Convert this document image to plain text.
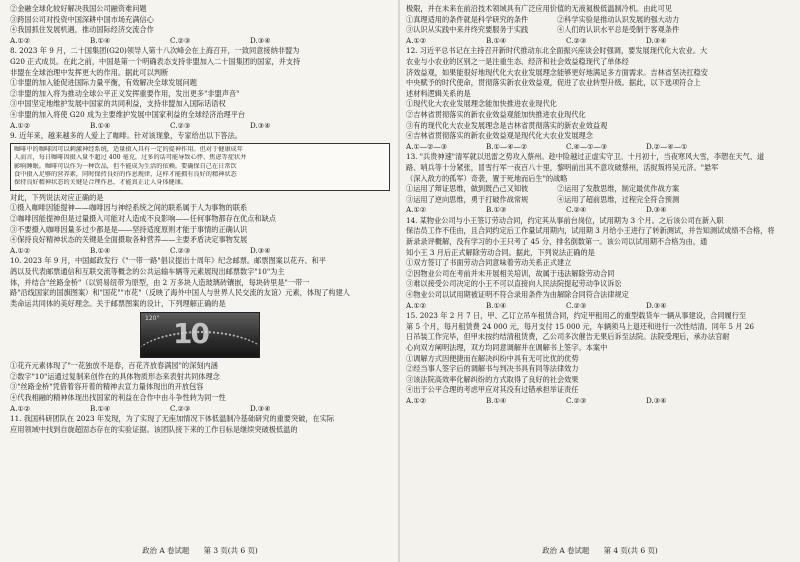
②金融全球化较好解决我国公司融资难问题
③跨国公司对投资中国深耕中国市场充满信心
④我国抓住发展机遇，推动国际经济交流合作
A.①②	B.①④	C.②③	D.③④
8. 2023 年 9 月，二十国集团(G20)领导人第十八次峰会在上海召开，一致同意接纳非盟为
G20 正式成员。在此之前，中国是第一个明确表态支持非盟加入二十国集团的国家，并支持
非盟在全球治理中发挥更大的作用。据此可以判断
①非盟的加入能促进国际力量平衡，有效解决全球发展问题
②非盟的加入将为推动全球公平正义发挥重要作用，发出更多"非盟声音"
③中国坚定地维护发展中国家的共同利益，支持非盟加入国际话语权
④非盟的加入将使 G20 成为主要维护发展中国家利益的全球经济治理平台
A.①②	B.①④	C.②③	D.③④
9. 近年来，越来越多的人爱上了咖啡。针对该现象，专家给出以下答法。
咖啡中的咖啡因可以刺激神经系统，适量摄入具有一定的提神作用。但对于健康成年
人而言，每日咖啡因摄入量不超过 400 毫克，过多的话可能导致心悸、焦虑等症状并
影响睡眠。咖啡可以作为一种饮品，但不能成为生活的依赖。要确保自己在日常饮
食中摄入足够的营养素，同时保持良好的作息规律，这样才能拥有良好的精神状态
保持良好精神状态的关键是合理作息，才能真正让人身体健康。
对此，下列说法对应正确的是
①摄入咖啡因能提神——咖啡因与神经系统之间的联系属于人为事物的联系
②咖啡因能提神但是过量摄入可能对人造成不良影响——任何事物都存在优点和缺点
③不要摄入咖啡因量多过少都是是——坚持适度原则才能于事情的正确认识
④保持良好精神状态的关键是全面摄取各种营养——主要矛盾决定事物发展
A.①②	B.①④	C.②③	D.③④
10. 2023 年 9 月，中国邮政发行《"一带一路"倡议提出十周年》纪念邮票。邮票图案以花卉、和平
鸽以及代表邮票通信和互联交流等概念的公共运输车辆等元素展现出邮票数字"10"为主
体，并结合"丝路金桥"（以贸易纽带为原型，由 2 万多块人造玻璃砖镶嵌，每块砖里是"一带一
路"沿线国家的国旗图案）和"国花""市花"（反映了海外中国人与世界人民交流的友谊）元素，体现了构建人
类命运共同体的美好理念。关于邮票图案的设计，下列理解正确的是
120° 10
①花卉元素体现了"一花独放不是春，百花齐放春满园"的深刻内涵
②数字"10"运通过复制来创作在的具体物质形态来表射共同体理念
③"丝路金桥"凭借着容开着的精神去宣力量体现出的开放包容
④代我相融的精神体现出找国家的利益在合作中由斗争性转为同一性
A.①②	B.①④	C.②③	D.③④
11. 我国科研团队在 2023 年发现，为了实现了无座加情况下体低温制冷基础研究的重要突破，在实际
应用领域中找到自旋超固态存在的实验证据。该团队接下来的工作目标是继续突破极低温的
政治 A 卷试题 第 3 页(共 6 页)
极限，并在未来在前沿技术领域具有广泛应用价值的无液氦极低温制冷机。由此可见
①真理适用的条件就是科学研究的条件　　　　②科学实验是推动认识发展的强大动力
③认识从实践中来并终究要服务于实践　　　　④人们的认识水平总是受制于客观条件
A.①②	B.①④	C.②③	D.③④
12. 习近平总书记在主持召开新时代推动东北全面振兴座谈会时强调，要发展现代化大农业。大
农业与小农业的区别之一是注重生态、经济和社会效益稳现代了单体经
济效益观，如果能很好地现代化大农业发展理念能够更好地满足多方面需求。吉林省坚决扛稳安
中央赋予的时代使命，贯彻落实新农业效益观，促进了农业转型升级。据此，以下选项符合上
述材料逻辑关系的是
①现代化大农业发展理念能加快推进农业现代化
②吉林省贯彻落实的新农业效益观能加快推进农业现代化
③有的现代化大农业发展理念是吉林省贯彻落实的新农业效益观
④吉林省贯彻落实的新农业效益观是现代化大农业发展理念
A.①—②—③	B.①—④—②	C.④—①—③	D.②—④—①
13. "兵贵神速"清军就以迅雷之势攻入蔡州。趁中险越过正虚实守卫。十月初十，当夜寒风大雪，李愬在天气、道
路、哨兵等十分紧张，冒雪行军一夜百八十里，黎明前出其不意攻破蔡州，活捉叛将吴元济。"悬军
（深入敌方的孤军）奇袭，置于死地而后生"的战略
①运用了辩证思维，做到既凸己又知彼　　　　②运用了发散思维，制定最优作战方案
③运用了逆向思维，勇于打破作战常规　　　　④运用了超前思维，过程完全符合预测
A.①②	B.①③	C.②④	D.③④
14. 某物业公司与小王签订劳动合同，约定其从事前台岗位，试用期为 3 个月。之后该公司在新入职
保洁员工作不佳由，且合同约定后工作量试用期内，试用期 3 月给小王进行了转新测试，并告知测试成绩不合格，将
新录录评概解，没有学习的小王只考了 45 分，排名倒数第一。该公司以试用期不合格为由，通
知小王 3 月后正式解除劳动合同。据此，下列说法正确的是
①双方签订了书面劳动合同意味着劳动关系正式建立
②因物业公司在考前并未开展相关培训，故属于违法解除劳动合同
③难以接受公司决定的小王不可以直接向人民法院提起劳动争议诉讼
④物业公司以试用期被证明不符合录用条件为由解除合同符合法律规定
A.①②	B.①④	C.②③	D.③④
15. 2023 年 2 月 7 日，甲、乙订立吊车租赁合同，约定甲租用乙的重型载货车一辆从事建设，合同履行至
第 5 个月，每月租赁费 24 000 元，每月支付 15 000 元，车辆须马上退还和进行一次性结清。同年 5 月 26
日吊装工作完毕，但甲未按约结清租赁费，乙公司多次催告无果后诉至法院。法院受理后，承办法官耐
心向双方阐明法理，双方均同意调解并在调解书上签字。本案中
①调解方式因便捷而在解决纠纷中具有无可比优的优势
②经当事人签字后的调解书与判决书具有同等法律效力
③该法院高效率化解纠纷的方式取得了良好的社会效果
④出于公平合理的考虑甲应对其没有过错承担举证责任
A.①②	B.①④	C.②③	D.③④
政治 A 卷试题 第 4 页(共 6 页)
